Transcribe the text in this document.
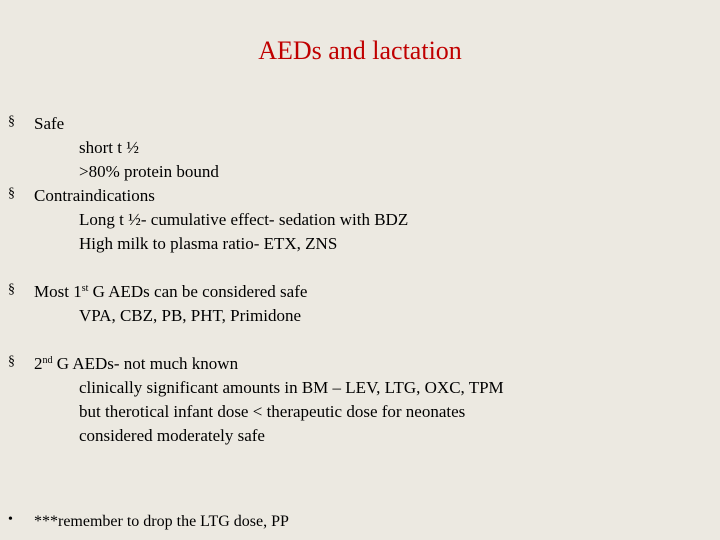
AEDs and lactation
§ Safe
short t ½
>80% protein bound
§ Contraindications
Long t ½- cumulative effect- sedation with BDZ
High milk to plasma ratio- ETX, ZNS
§ Most 1st G AEDs can be considered safe
VPA, CBZ, PB, PHT, Primidone
§ 2nd G AEDs- not much known
clinically significant amounts in BM – LEV, LTG, OXC, TPM
but therotical infant dose < therapeutic dose for neonates
considered moderately safe
• ***remember to drop the LTG dose, PP
